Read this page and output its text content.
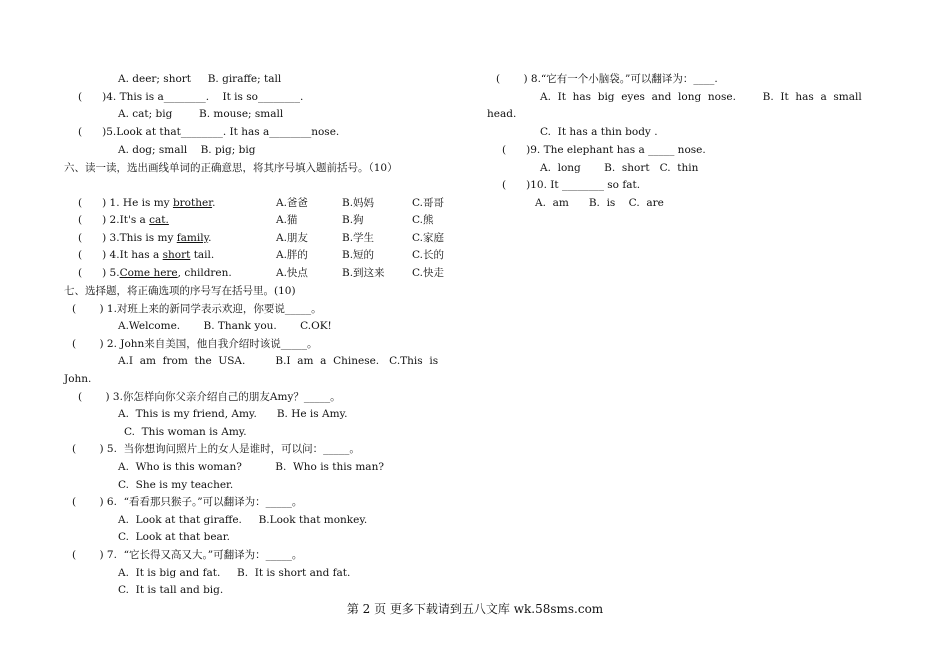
A. deer; short     B. giraffe; tall
(      )4. This is a________.    It is so________.
A. cat; big        B. mouse; small
(      )5.Look at that________. It has a________nose.
A. dog; small    B. pig; big
六、读一读，选出画线单词的正确意思，将其序号填入题前括号。（10）
(      ) 1. He is my brother.	A.爸爸	B.妈妈	C.哥哥
(      ) 2.It's a cat.	A.猫	B.狗	C.熊
(      ) 3.This is my family.	A.朋友	B.学生	C.家庭
(      ) 4.It has a short tail.	A.胖的	B.短的	C.长的
(      ) 5.Come here, children.	A.快点	B.到这来	C.快走
七、选择题，将正确选项的序号写在括号里。(10)
(       ) 1.对班上来的新同学表示欢迎，你要说_____。
A.Welcome.       B. Thank you.       C.OK!
(       ) 2. John来自美国，他自我介绍时该说_____。
A.I  am  from  the  USA.         B.I  am  a  Chinese.   C.This  is
John.
(       ) 3.你怎样向你父亲介绍自己的朋友Amy？_____。
A.  This is my friend, Amy.      B. He is Amy.
C.  This woman is Amy.
(       ) 5.  当你想询问照片上的女人是谁时，可以问：_____。
A.  Who is this woman?          B.  Who is this man?
C.  She is my teacher.
(       ) 6.  “看看那只猴子。”可以翻译为：_____。
A.  Look at that giraffe.     B.Look that monkey.
C.  Look at that bear.
(       ) 7.  “它长得又高又大。”可翻译为：_____。
A.  It is big and fat.     B.  It is short and fat.
C.  It is tall and big.
(       ) 8.“它有一个小脑袋。”可以翻译为：____.
A.  It  has  big  eyes  and  long  nose.        B.  It  has  a  small
head.
C.  It has a thin body .
(      )9. The elephant has a _____ nose.
A.  long       B.  short   C.  thin
(      )10. It ________ so fat.
A.  am      B.  is    C.  are
第 2 页 更多下载请到五八文库 wk.58sms.com
